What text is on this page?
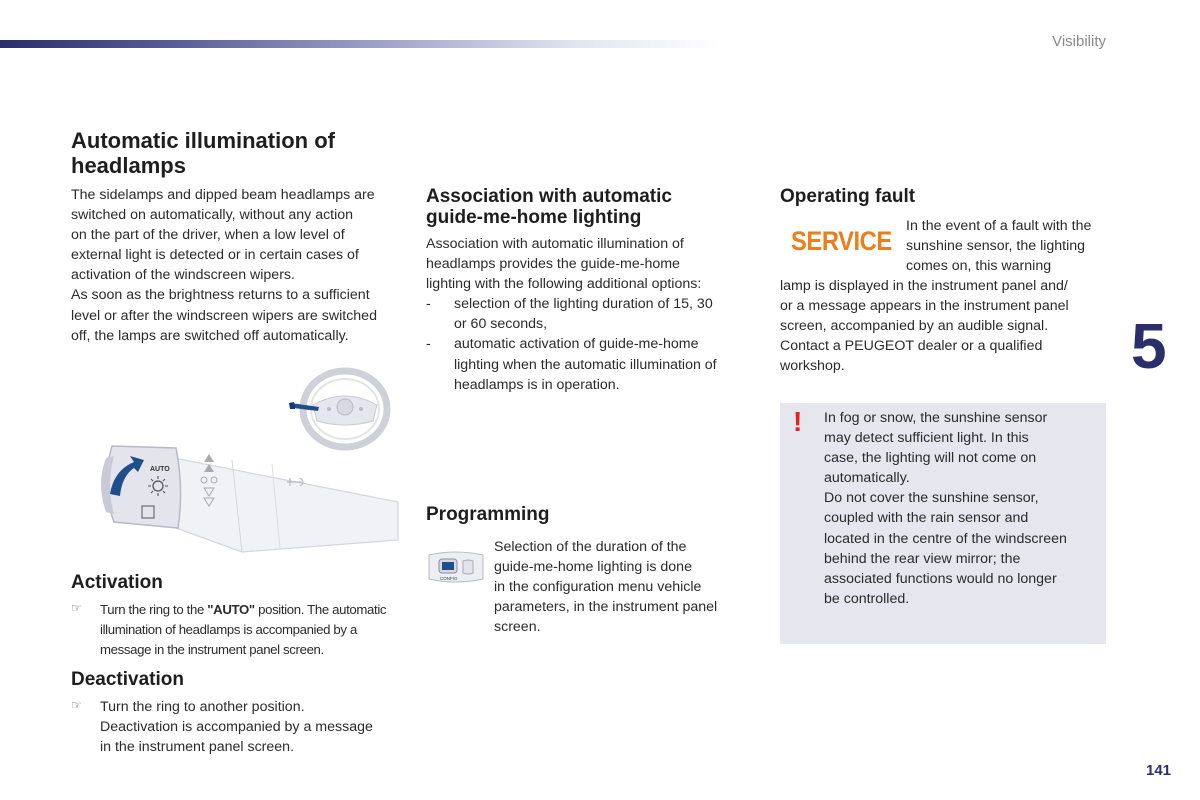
Visibility
Automatic illumination of headlamps
The sidelamps and dipped beam headlamps are
switched on automatically, without any action
on the part of the driver, when a low level of
external light is detected or in certain cases of
activation of the windscreen wipers.
As soon as the brightness returns to a sufficient
level or after the windscreen wipers are switched
off, the lamps are switched off automatically.
AUTO
Activation
☞	Turn the ring to the "AUTO" position. The automatic
illumination of headlamps is accompanied by a
message in the instrument panel screen.
Deactivation
☞	Turn the ring to another position.
Deactivation is accompanied by a message
in the instrument panel screen.
Association with automatic
guide-me-home lighting
Association with automatic illumination of
headlamps provides the guide-me-home
lighting with the following additional options:
-	selection of the lighting duration of 15, 30
or 60 seconds,
-	automatic activation of guide-me-home
lighting when the automatic illumination of
headlamps is in operation.
Programming
CONFIG
Selection of the duration of the
guide-me-home lighting is done
in the configuration menu vehicle
parameters, in the instrument panel
screen.
Operating fault
SERVICE In the event of a fault with the
sunshine sensor, the lighting
comes on, this warning
lamp is displayed in the instrument panel and/
or a message appears in the instrument panel
screen, accompanied by an audible signal.
Contact a PEUGEOT dealer or a qualified
workshop.
! In fog or snow, the sunshine sensor
may detect sufficient light. In this
case, the lighting will not come on
automatically.
Do not cover the sunshine sensor,
coupled with the rain sensor and
located in the centre of the windscreen
behind the rear view mirror; the
associated functions would no longer
be controlled.
5
141
